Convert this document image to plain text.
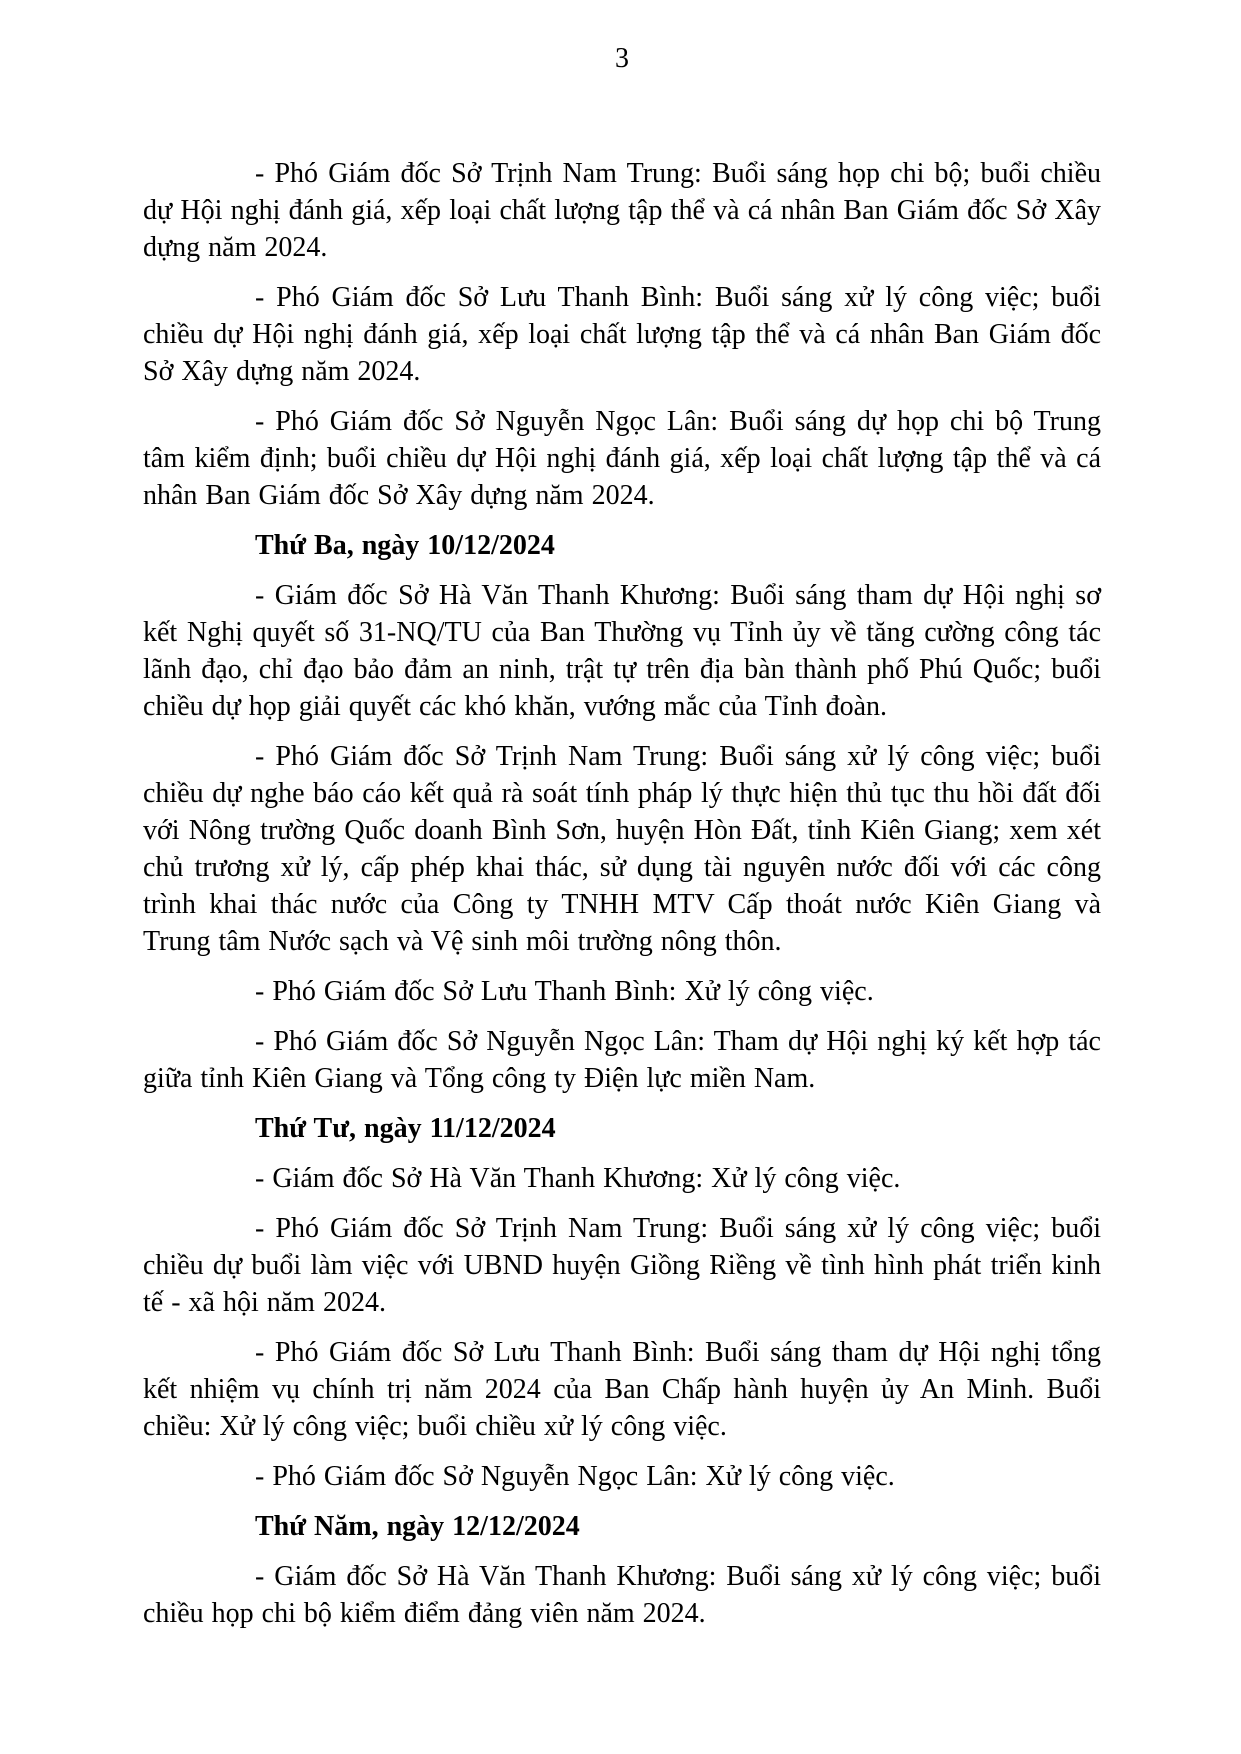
3

- Phó Giám đốc Sở Trịnh Nam Trung: Buổi sáng họp chi bộ; buổi chiều dự Hội nghị đánh giá, xếp loại chất lượng tập thể và cá nhân Ban Giám đốc Sở Xây dựng năm 2024.

- Phó Giám đốc Sở Lưu Thanh Bình: Buổi sáng xử lý công việc; buổi chiều dự Hội nghị đánh giá, xếp loại chất lượng tập thể và cá nhân Ban Giám đốc Sở Xây dựng năm 2024.

- Phó Giám đốc Sở Nguyễn Ngọc Lân: Buổi sáng dự họp chi bộ Trung tâm kiểm định; buổi chiều dự Hội nghị đánh giá, xếp loại chất lượng tập thể và cá nhân Ban Giám đốc Sở Xây dựng năm 2024.

Thứ Ba, ngày 10/12/2024

- Giám đốc Sở Hà Văn Thanh Khương: Buổi sáng tham dự Hội nghị sơ kết Nghị quyết số 31-NQ/TU của Ban Thường vụ Tỉnh ủy về tăng cường công tác lãnh đạo, chỉ đạo bảo đảm an ninh, trật tự trên địa bàn thành phố Phú Quốc; buổi chiều dự họp giải quyết các khó khăn, vướng mắc của Tỉnh đoàn.

- Phó Giám đốc Sở Trịnh Nam Trung: Buổi sáng xử lý công việc; buổi chiều dự nghe báo cáo kết quả rà soát tính pháp lý thực hiện thủ tục thu hồi đất đối với Nông trường Quốc doanh Bình Sơn, huyện Hòn Đất, tỉnh Kiên Giang; xem xét chủ trương xử lý, cấp phép khai thác, sử dụng tài nguyên nước đối với các công trình khai thác nước của Công ty TNHH MTV Cấp thoát nước Kiên Giang và Trung tâm Nước sạch và Vệ sinh môi trường nông thôn.

- Phó Giám đốc Sở Lưu Thanh Bình: Xử lý công việc.

- Phó Giám đốc Sở Nguyễn Ngọc Lân: Tham dự Hội nghị ký kết hợp tác giữa tỉnh Kiên Giang và Tổng công ty Điện lực miền Nam.

Thứ Tư, ngày 11/12/2024

- Giám đốc Sở Hà Văn Thanh Khương: Xử lý công việc.

- Phó Giám đốc Sở Trịnh Nam Trung: Buổi sáng xử lý công việc; buổi chiều dự buổi làm việc với UBND huyện Giồng Riềng về tình hình phát triển kinh tế - xã hội năm 2024.

- Phó Giám đốc Sở Lưu Thanh Bình: Buổi sáng tham dự Hội nghị tổng kết nhiệm vụ chính trị năm 2024 của Ban Chấp hành huyện ủy An Minh. Buổi chiều: Xử lý công việc; buổi chiều xử lý công việc.

- Phó Giám đốc Sở Nguyễn Ngọc Lân: Xử lý công việc.

Thứ Năm, ngày 12/12/2024

- Giám đốc Sở Hà Văn Thanh Khương: Buổi sáng xử lý công việc; buổi chiều họp chi bộ kiểm điểm đảng viên năm 2024.
